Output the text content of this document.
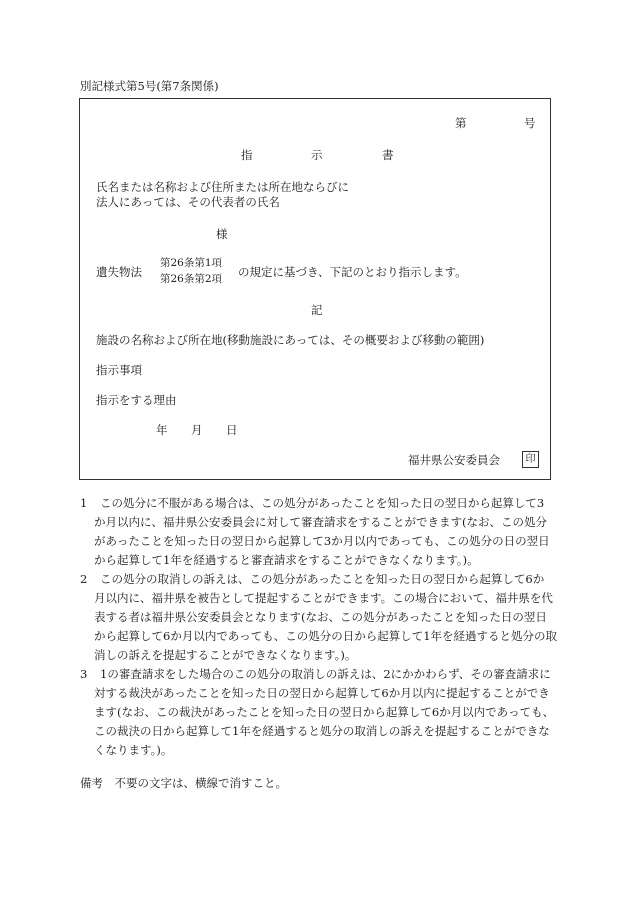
別記様式第5号(第7条関係)
第	号
指	示	書
氏名または名称および住所または所在地ならびに
法人にあっては、その代表者の氏名
様
遺失物法
第26条第1項
第26条第2項 の規定に基づき、下記のとおり指示します。
記
施設の名称および所在地(移動施設にあっては、その概要および移動の範囲)
指示事項
指示をする理由
年 月 日
福井県公安委員会	印
1	この処分に不服がある場合は、この処分があったことを知った日の翌日から起算して3
か月以内に、福井県公安委員会に対して審査請求をすることができます(なお、この処分
があったことを知った日の翌日から起算して3か月以内であっても、この処分の日の翌日
から起算して1年を経過すると審査請求をすることができなくなります。)。
2	この処分の取消しの訴えは、この処分があったことを知った日の翌日から起算して6か
月以内に、福井県を被告として提起することができます。この場合において、福井県を代
表する者は福井県公安委員会となります(なお、この処分があったことを知った日の翌日
から起算して6か月以内であっても、この処分の日から起算して1年を経過すると処分の取
消しの訴えを提起することができなくなります。)。
3	1の審査請求をした場合のこの処分の取消しの訴えは、2にかかわらず、その審査請求に
対する裁決があったことを知った日の翌日から起算して6か月以内に提起することができ
ます(なお、この裁決があったことを知った日の翌日から起算して6か月以内であっても、
この裁決の日から起算して1年を経過すると処分の取消しの訴えを提起することができな
くなります。)。
備考　不要の文字は、横線で消すこと。
